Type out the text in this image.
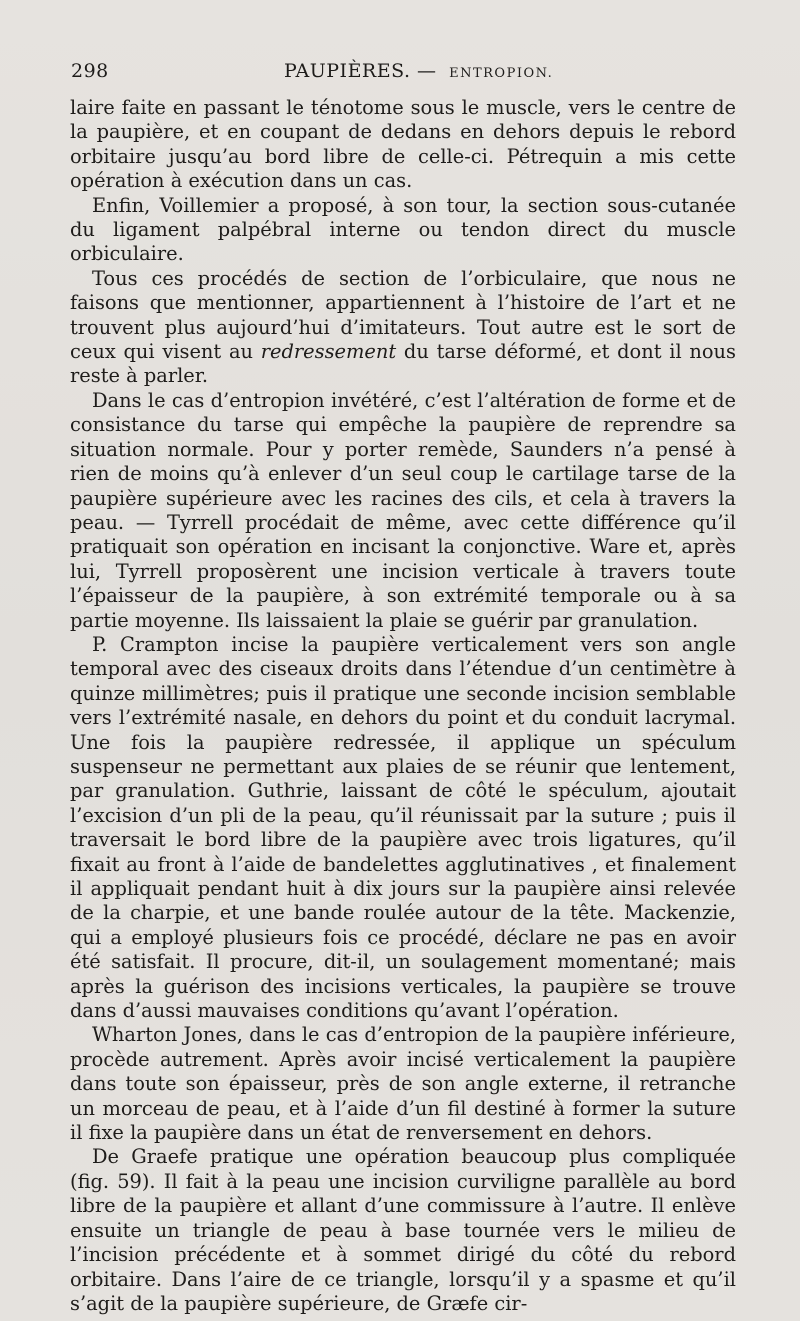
298	PAUPIÈRES. — ENTROPION.

laire faite en passant le ténotome sous le muscle, vers le centre de la paupière, et en coupant de dedans en dehors depuis le rebord orbitaire jusqu’au bord libre de celle-ci. Pétrequin a mis cette opération à exécution dans un cas.

Enfin, Voillemier a proposé, à son tour, la section sous-cutanée du ligament palpébral interne ou tendon direct du muscle orbiculaire.

Tous ces procédés de section de l’orbiculaire, que nous ne faisons que mentionner, appartiennent à l’histoire de l’art et ne trouvent plus aujourd’hui d’imitateurs. Tout autre est le sort de ceux qui visent au redressement du tarse déformé, et dont il nous reste à parler.

Dans le cas d’entropion invétéré, c’est l’altération de forme et de consistance du tarse qui empêche la paupière de reprendre sa situation normale. Pour y porter remède, Saunders n’a pensé à rien de moins qu’à enlever d’un seul coup le cartilage tarse de la paupière supérieure avec les racines des cils, et cela à travers la peau. — Tyrrell procédait de même, avec cette différence qu’il pratiquait son opération en incisant la conjonctive. Ware et, après lui, Tyrrell proposèrent une incision verticale à travers toute l’épaisseur de la paupière, à son extrémité temporale ou à sa partie moyenne. Ils laissaient la plaie se guérir par granulation.

P. Crampton incise la paupière verticalement vers son angle temporal avec des ciseaux droits dans l’étendue d’un centimètre à quinze millimètres; puis il pratique une seconde incision semblable vers l’extrémité nasale, en dehors du point et du conduit lacrymal. Une fois la paupière redressée, il applique un spéculum suspenseur ne permettant aux plaies de se réunir que lentement, par granulation. Guthrie, laissant de côté le spéculum, ajoutait l’excision d’un pli de la peau, qu’il réunissait par la suture ; puis il traversait le bord libre de la paupière avec trois ligatures, qu’il fixait au front à l’aide de bandelettes agglutinatives , et finalement il appliquait pendant huit à dix jours sur la paupière ainsi relevée de la charpie, et une bande roulée autour de la tête. Mackenzie, qui a employé plusieurs fois ce procédé, déclare ne pas en avoir été satisfait. Il procure, dit-il, un soulagement momentané; mais après la guérison des incisions verticales, la paupière se trouve dans d’aussi mauvaises conditions qu’avant l’opération.

Wharton Jones, dans le cas d’entropion de la paupière inférieure, procède autrement. Après avoir incisé verticalement la paupière dans toute son épaisseur, près de son angle externe, il retranche un morceau de peau, et à l’aide d’un fil destiné à former la suture il fixe la paupière dans un état de renversement en dehors.

De Graefe pratique une opération beaucoup plus compliquée (fig. 59). Il fait à la peau une incision curviligne parallèle au bord libre de la paupière et allant d’une commissure à l’autre. Il enlève ensuite un triangle de peau à base tournée vers le milieu de l’incision précédente et à sommet dirigé du côté du rebord orbitaire. Dans l’aire de ce triangle, lorsqu’il y a spasme et qu’il s’agit de la paupière supérieure, de Græfe cir-
